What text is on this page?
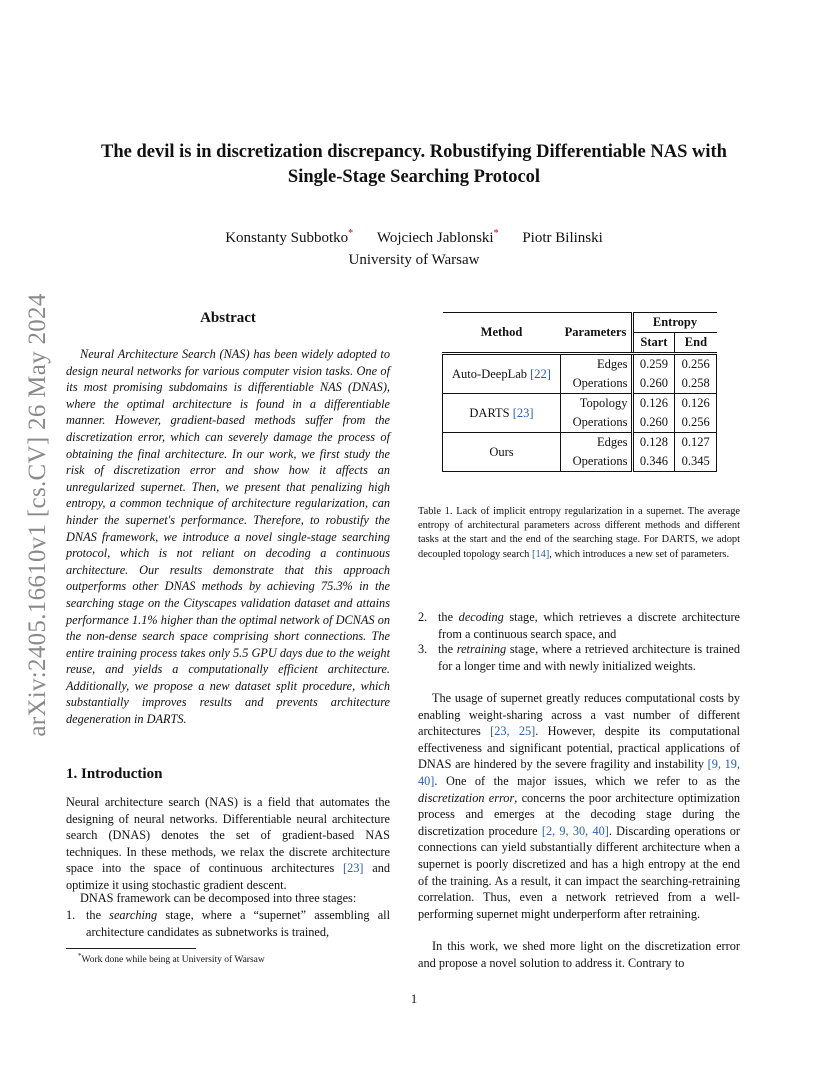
arXiv:2405.16610v1 [cs.CV] 26 May 2024
The devil is in discretization discrepancy. Robustifying Differentiable NAS with
Single-Stage Searching Protocol
Konstanty Subbotko* Wojciech Jablonski* Piotr Bilinski
University of Warsaw
Abstract

Neural Architecture Search (NAS) has been widely adopted to design neural networks for various computer vision tasks. One of its most promising subdomains is differentiable NAS (DNAS), where the optimal architecture is found in a differentiable manner. However, gradient-based methods suffer from the discretization error, which can severely damage the process of obtaining the final architecture. In our work, we first study the risk of discretization error and show how it affects an unregularized supernet. Then, we present that penalizing high entropy, a common technique of architecture regularization, can hinder the supernet's performance. Therefore, to robustify the DNAS framework, we introduce a novel single-stage searching protocol, which is not reliant on decoding a continuous architecture. Our results demonstrate that this approach outperforms other DNAS methods by achieving 75.3% in the searching stage on the Cityscapes validation dataset and attains performance 1.1% higher than the optimal network of DCNAS on the non-dense search space comprising short connections. The entire training process takes only 5.5 GPU days due to the weight reuse, and yields a computationally efficient architecture. Additionally, we propose a new dataset split procedure, which substantially improves results and prevents architecture degeneration in DARTS.

1. Introduction

Neural architecture search (NAS) is a field that automates the designing of neural networks. Differentiable neural architecture search (DNAS) denotes the set of gradient-based NAS techniques. In these methods, we relax the discrete architecture space into the space of continuous architectures [23] and optimize it using stochastic gradient descent.

DNAS framework can be decomposed into three stages:

1. the searching stage, where a “supernet” assembling all architecture candidates as subnetworks is trained,
*Work done while being at University of Warsaw
Method	Parameters	Entropy	
		Start	End

Auto-DeepLab [22]	Edges	0.259	0.256
	Operations	0.260	0.258
DARTS [23]	Topology	0.126	0.126
	Operations	0.260	0.256
Ours	Edges	0.128	0.127
	Operations	0.346	0.345

Table 1. Lack of implicit entropy regularization in a supernet. The average entropy of architectural parameters across different methods and different tasks at the start and the end of the searching stage. For DARTS, we adopt decoupled topology search [14], which introduces a new set of parameters.

2. the decoding stage, which retrieves a discrete architecture from a continuous search space, and
3. the retraining stage, where a retrieved architecture is trained for a longer time and with newly initialized weights.

The usage of supernet greatly reduces computational costs by enabling weight-sharing across a vast number of different architectures [23, 25]. However, despite its computational effectiveness and significant potential, practical applications of DNAS are hindered by the severe fragility and instability [9, 19, 40]. One of the major issues, which we refer to as the discretization error, concerns the poor architecture optimization process and emerges at the decoding stage during the discretization procedure [2, 9, 30, 40]. Discarding operations or connections can yield substantially different architecture when a supernet is poorly discretized and has a high entropy at the end of the training. As a result, it can impact the searching-retraining correlation. Thus, even a network retrieved from a well-performing supernet might underperform after retraining.

In this work, we shed more light on the discretization error and propose a novel solution to address it. Contrary to

1
